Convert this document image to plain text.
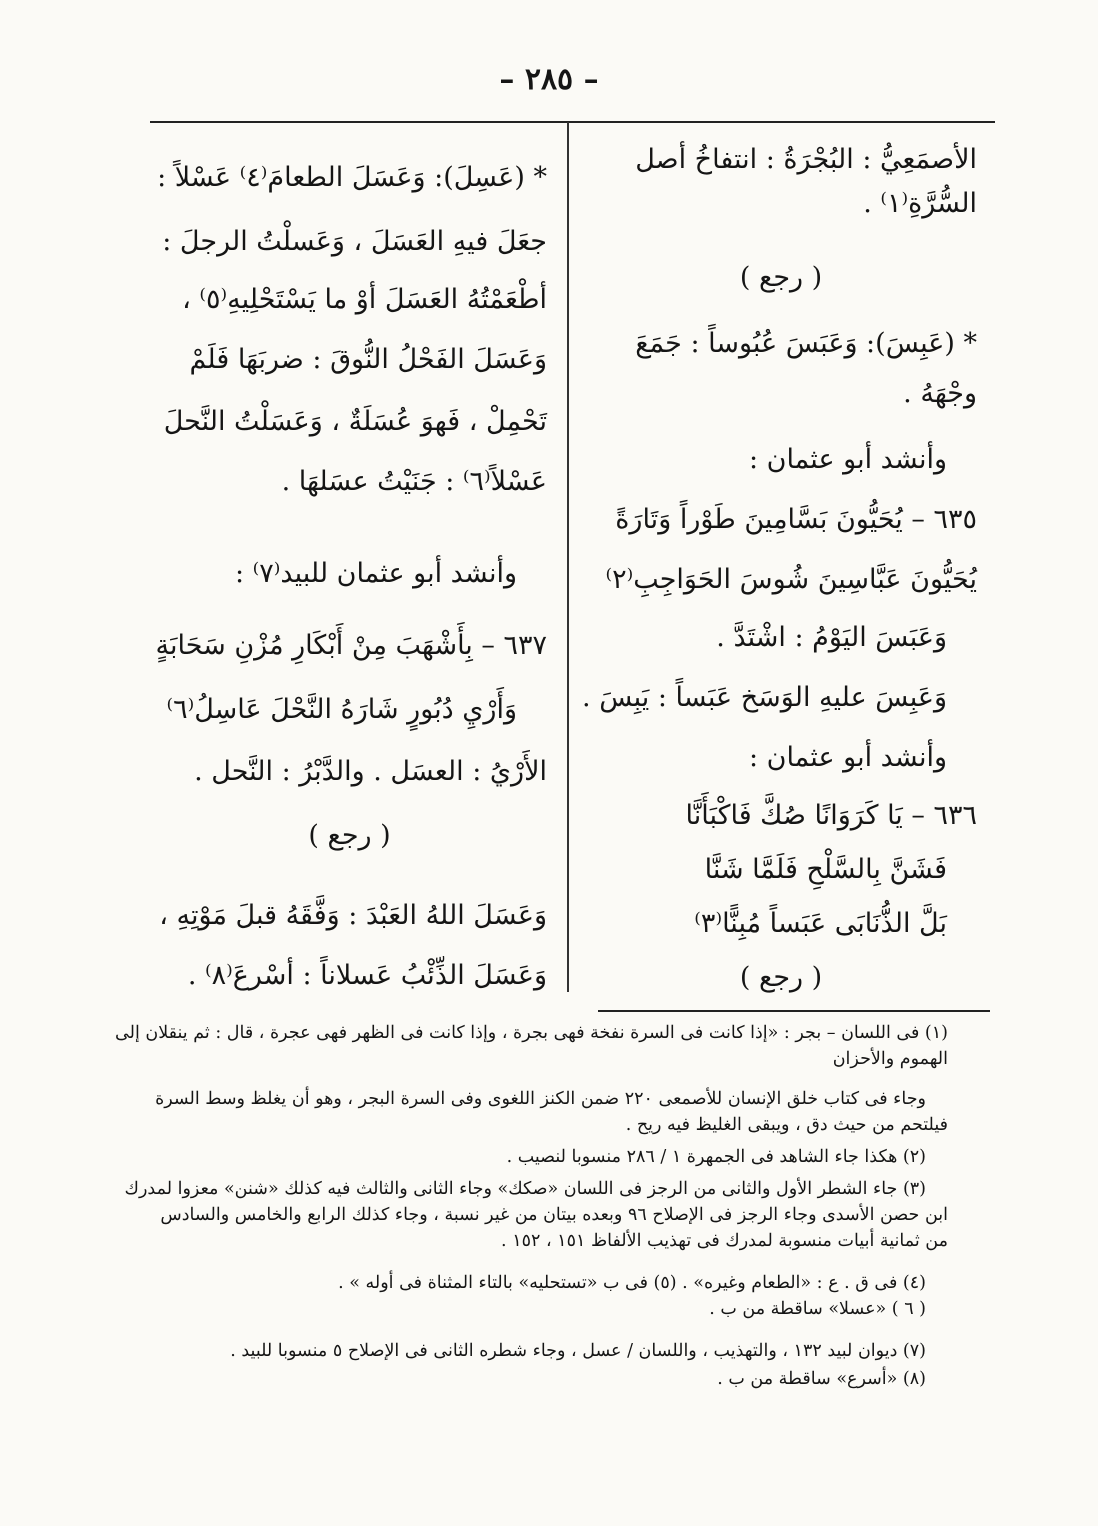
– ٢٨٥ –
الأصمَعِيُّ : البُجْرَةُ : انتفاخُ أصل
السُّرَّةِ⁽١⁾ .
( رجع )
* (عَبِسَ): وَعَبَسَ عُبُوساً : جَمَعَ
وجْهَهُ .
وأنشد أبو عثمان :
٦٣٥ – يُحَيُّونَ بَسَّامِينَ طَوْراً وَتَارَةً
يُحَيُّونَ عَبَّاسِينَ شُوسَ الحَوَاجِبِ⁽٢⁾
وَعَبَسَ اليَوْمُ : اشْتَدَّ .
وَعَبِسَ عليهِ الوَسَخ عَبَساً : يَبِسَ .
وأنشد أبو عثمان :
٦٣٦ – يَا كَرَوَانًا صُكَّ فَاكْبَأَنَّا
فَشَنَّ بِالسَّلْحِ فَلَمَّا شَنَّا
بَلَّ الذُّنَابَى عَبَساً مُبِنًّا⁽٣⁾
( رجع )
* (عَسِلَ): وَعَسَلَ الطعامَ⁽٤⁾ عَسْلاً :
جعَلَ فيهِ العَسَلَ ، وَعَسلْتُ الرجلَ :
أطْعَمْتُهُ العَسَلَ أوْ ما يَسْتَحْلِيهِ⁽٥⁾ ،
وَعَسَلَ الفَحْلُ النُّوقَ : ضربَهَا فَلَمْ
تَحْمِلْ ، فَهوَ عُسَلَةٌ ، وَعَسَلْتُ النَّحلَ
عَسْلاً⁽٦⁾ : جَنَيْتُ عسَلهَا .
وأنشد أبو عثمان للبيد⁽٧⁾ :
٦٣٧ – بِأَشْهَبَ مِنْ أَبْكَارِ مُزْنِ سَحَابَةٍ
وَأَرْيِ دُبُورٍ شَارَهُ النَّحْلَ عَاسِلُ⁽٦⁾
الأَرْيُ : العسَل . والدَّبْرُ : النَّحل .
( رجع )
وَعَسَلَ اللهُ العَبْدَ : وَفَّقَهُ قبلَ مَوْتِهِ ،
وَعَسَلَ الذِّئْبُ عَسلاناً : أسْرعَ⁽٨⁾ .
(١) فى اللسان – بجر : «إذا كانت فى السرة نفخة فهى بجرة ، وإذا كانت فى الظهر فهى عجرة ، قال : ثم ينقلان إلى
الهموم والأحزان
وجاء فى كتاب خلق الإنسان للأصمعى ٢٢٠ ضمن الكنز اللغوى وفى السرة البجر ، وهو أن يغلظ وسط السرة
فيلتحم من حيث دق ، ويبقى الغليظ فيه ريح .
(٢) هكذا جاء الشاهد فى الجمهرة ١ / ٢٨٦ منسوبا لنصيب .
(٣) جاء الشطر الأول والثانى من الرجز فى اللسان «صكك» وجاء الثانى والثالث فيه كذلك «شنن» معزوا لمدرك
ابن حصن الأسدى وجاء الرجز فى الإصلاح ٩٦ وبعده بيتان من غير نسبة ، وجاء كذلك الرابع والخامس والسادس
من ثمانية أبيات منسوبة لمدرك فى تهذيب الألفاظ ١٥١ ، ١٥٢ .
(٤) فى ق . ع : «الطعام وغيره» . (٥) فى ب «تستحليه» بالتاء المثناة فى أوله » .
( ٦ ) «عسلا» ساقطة من ب .
(٧) ديوان لبيد ١٣٢ ، والتهذيب ، واللسان / عسل ، وجاء شطره الثانى فى الإصلاح ٥ منسوبا للبيد .
(٨) «أسرع» ساقطة من ب .
